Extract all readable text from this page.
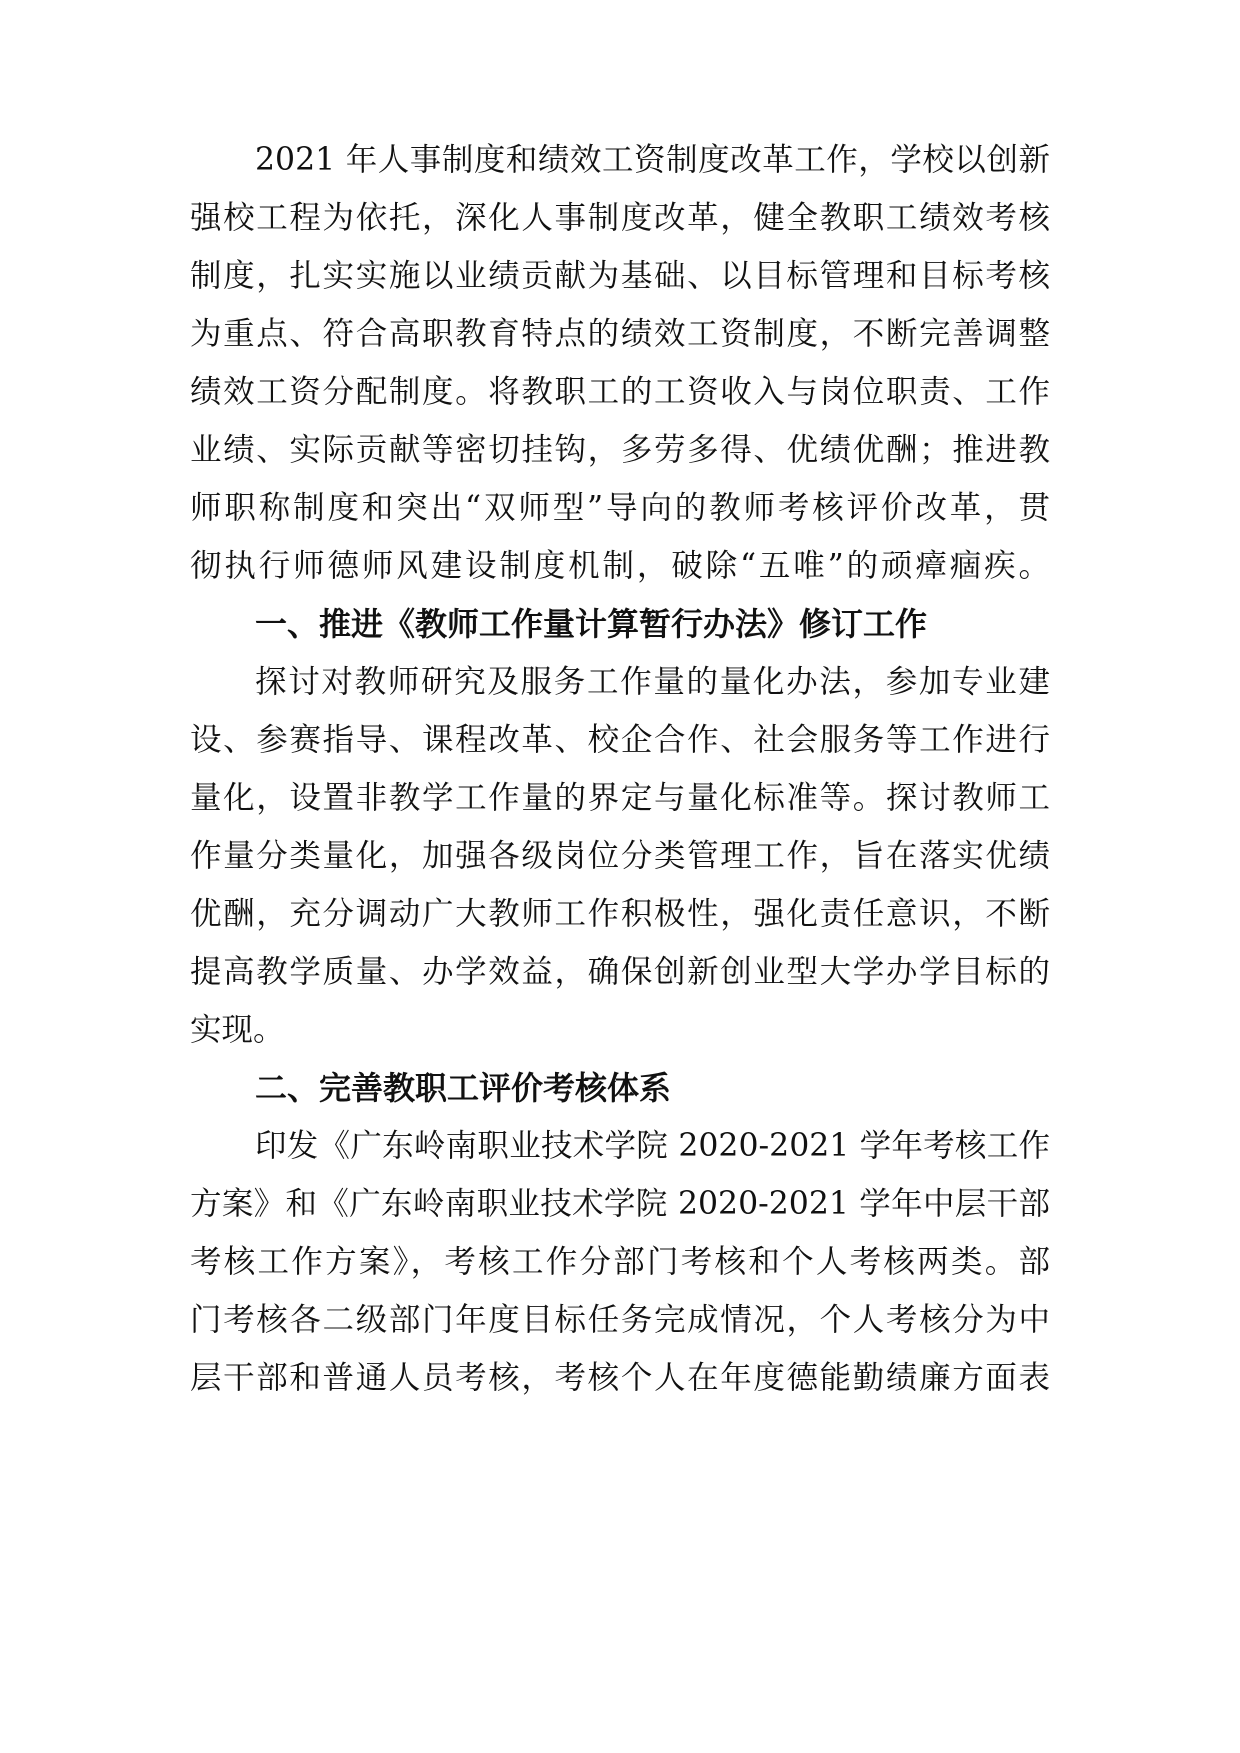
2021 年人事制度和绩效工资制度改革工作，学校以创新
强校工程为依托，深化人事制度改革，健全教职工绩效考核
制度，扎实实施以业绩贡献为基础、以目标管理和目标考核
为重点、符合高职教育特点的绩效工资制度，不断完善调整
绩效工资分配制度。将教职工的工资收入与岗位职责、工作
业绩、实际贡献等密切挂钩，多劳多得、优绩优酬；推进教
师职称制度和突出“双师型”导向的教师考核评价改革，贯
彻执行师德师风建设制度机制，破除“五唯”的顽瘴痼疾。
一、推进《教师工作量计算暂行办法》修订工作
探讨对教师研究及服务工作量的量化办法，参加专业建
设、参赛指导、课程改革、校企合作、社会服务等工作进行
量化，设置非教学工作量的界定与量化标准等。探讨教师工
作量分类量化，加强各级岗位分类管理工作，旨在落实优绩
优酬，充分调动广大教师工作积极性，强化责任意识，不断
提高教学质量、办学效益，确保创新创业型大学办学目标的
实现。
二、完善教职工评价考核体系
印发《广东岭南职业技术学院 2020-2021 学年考核工作
方案》和《广东岭南职业技术学院 2020-2021 学年中层干部
考核工作方案》，考核工作分部门考核和个人考核两类。部
门考核各二级部门年度目标任务完成情况，个人考核分为中
层干部和普通人员考核，考核个人在年度德能勤绩廉方面表
